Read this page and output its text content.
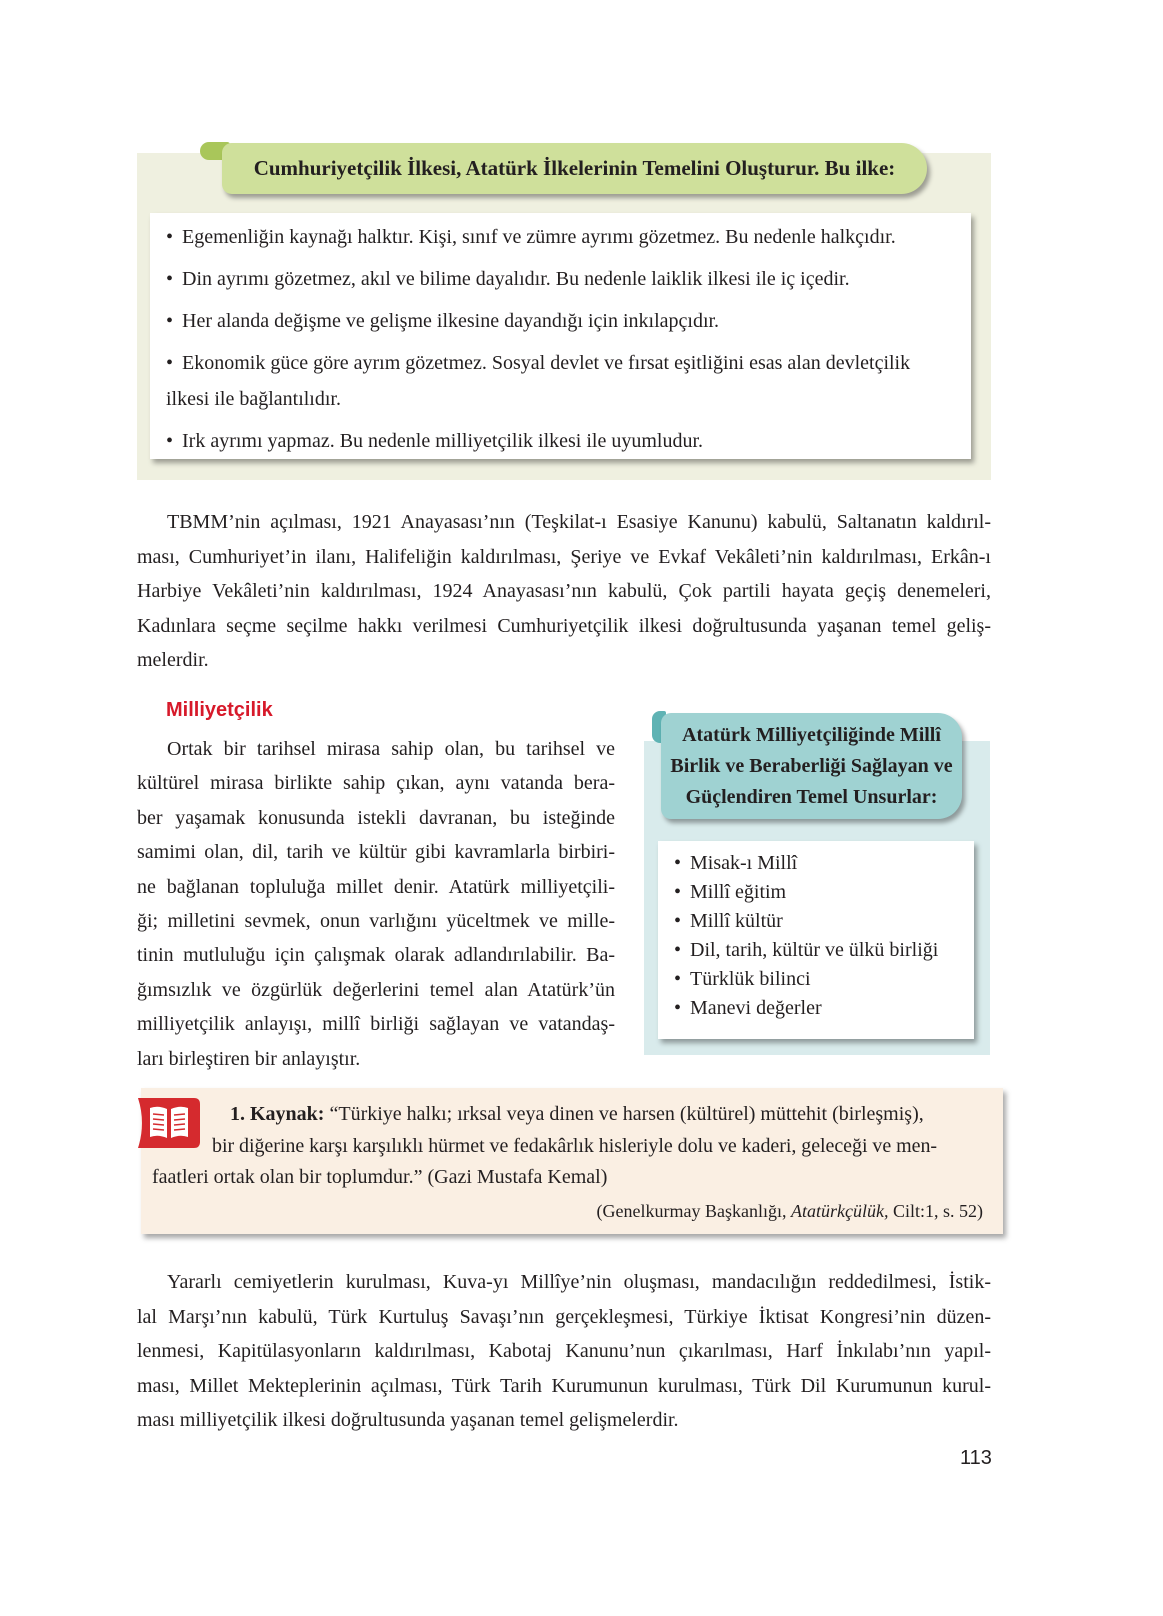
Cumhuriyetçilik İlkesi, Atatürk İlkelerinin Temelini Oluşturur. Bu ilke:
• Egemenliğin kaynağı halktır. Kişi, sınıf ve zümre ayrımı gözetmez. Bu nedenle halkçıdır.
• Din ayrımı gözetmez, akıl ve bilime dayalıdır. Bu nedenle laiklik ilkesi ile iç içedir.
• Her alanda değişme ve gelişme ilkesine dayandığı için inkılapçıdır.
• Ekonomik güce göre ayrım gözetmez. Sosyal devlet ve fırsat eşitliğini esas alan devletçilik
ilkesi ile bağlantılıdır.
• Irk ayrımı yapmaz. Bu nedenle milliyetçilik ilkesi ile uyumludur.
TBMM’nin açılması, 1921 Anayasası’nın (Teşkilat-ı Esasiye Kanunu) kabulü, Saltanatın kaldırıl-
ması, Cumhuriyet’in ilanı, Halifeliğin kaldırılması, Şeriye ve Evkaf Vekâleti’nin kaldırılması, Erkân-ı
Harbiye Vekâleti’nin kaldırılması, 1924 Anayasası’nın kabulü, Çok partili hayata geçiş denemeleri,
Kadınlara seçme seçilme hakkı verilmesi Cumhuriyetçilik ilkesi doğrultusunda yaşanan temel geliş-
melerdir.
Milliyetçilik
Ortak bir tarihsel mirasa sahip olan, bu tarihsel ve
kültürel mirasa birlikte sahip çıkan, aynı vatanda bera-
ber yaşamak konusunda istekli davranan, bu isteğinde
samimi olan, dil, tarih ve kültür gibi kavramlarla birbiri-
ne bağlanan topluluğa millet denir. Atatürk milliyetçili-
ği; milletini sevmek, onun varlığını yüceltmek ve mille-
tinin mutluluğu için çalışmak olarak adlandırılabilir. Ba-
ğımsızlık ve özgürlük değerlerini temel alan Atatürk’ün
milliyetçilik anlayışı, millî birliği sağlayan ve vatandaş-
ları birleştiren bir anlayıştır.
Atatürk Milliyetçiliğinde Millî
Birlik ve Beraberliği Sağlayan ve
Güçlendiren Temel Unsurlar:
• Misak-ı Millî
• Millî eğitim
• Millî kültür
• Dil, tarih, kültür ve ülkü birliği
• Türklük bilinci
• Manevi değerler
1. Kaynak: “Türkiye halkı; ırksal veya dinen ve harsen (kültürel) müttehit (birleşmiş),
bir diğerine karşı karşılıklı hürmet ve fedakârlık hisleriyle dolu ve kaderi, geleceği ve men-
faatleri ortak olan bir toplumdur.” (Gazi Mustafa Kemal)
(Genelkurmay Başkanlığı, Atatürkçülük, Cilt:1, s. 52)
Yararlı cemiyetlerin kurulması, Kuva-yı Millîye’nin oluşması, mandacılığın reddedilmesi, İstik-
lal Marşı’nın kabulü, Türk Kurtuluş Savaşı’nın gerçekleşmesi, Türkiye İktisat Kongresi’nin düzen-
lenmesi, Kapitülasyonların kaldırılması, Kabotaj Kanunu’nun çıkarılması, Harf İnkılabı’nın yapıl-
ması, Millet Mekteplerinin açılması, Türk Tarih Kurumunun kurulması, Türk Dil Kurumunun kurul-
ması milliyetçilik ilkesi doğrultusunda yaşanan temel gelişmelerdir.
113
